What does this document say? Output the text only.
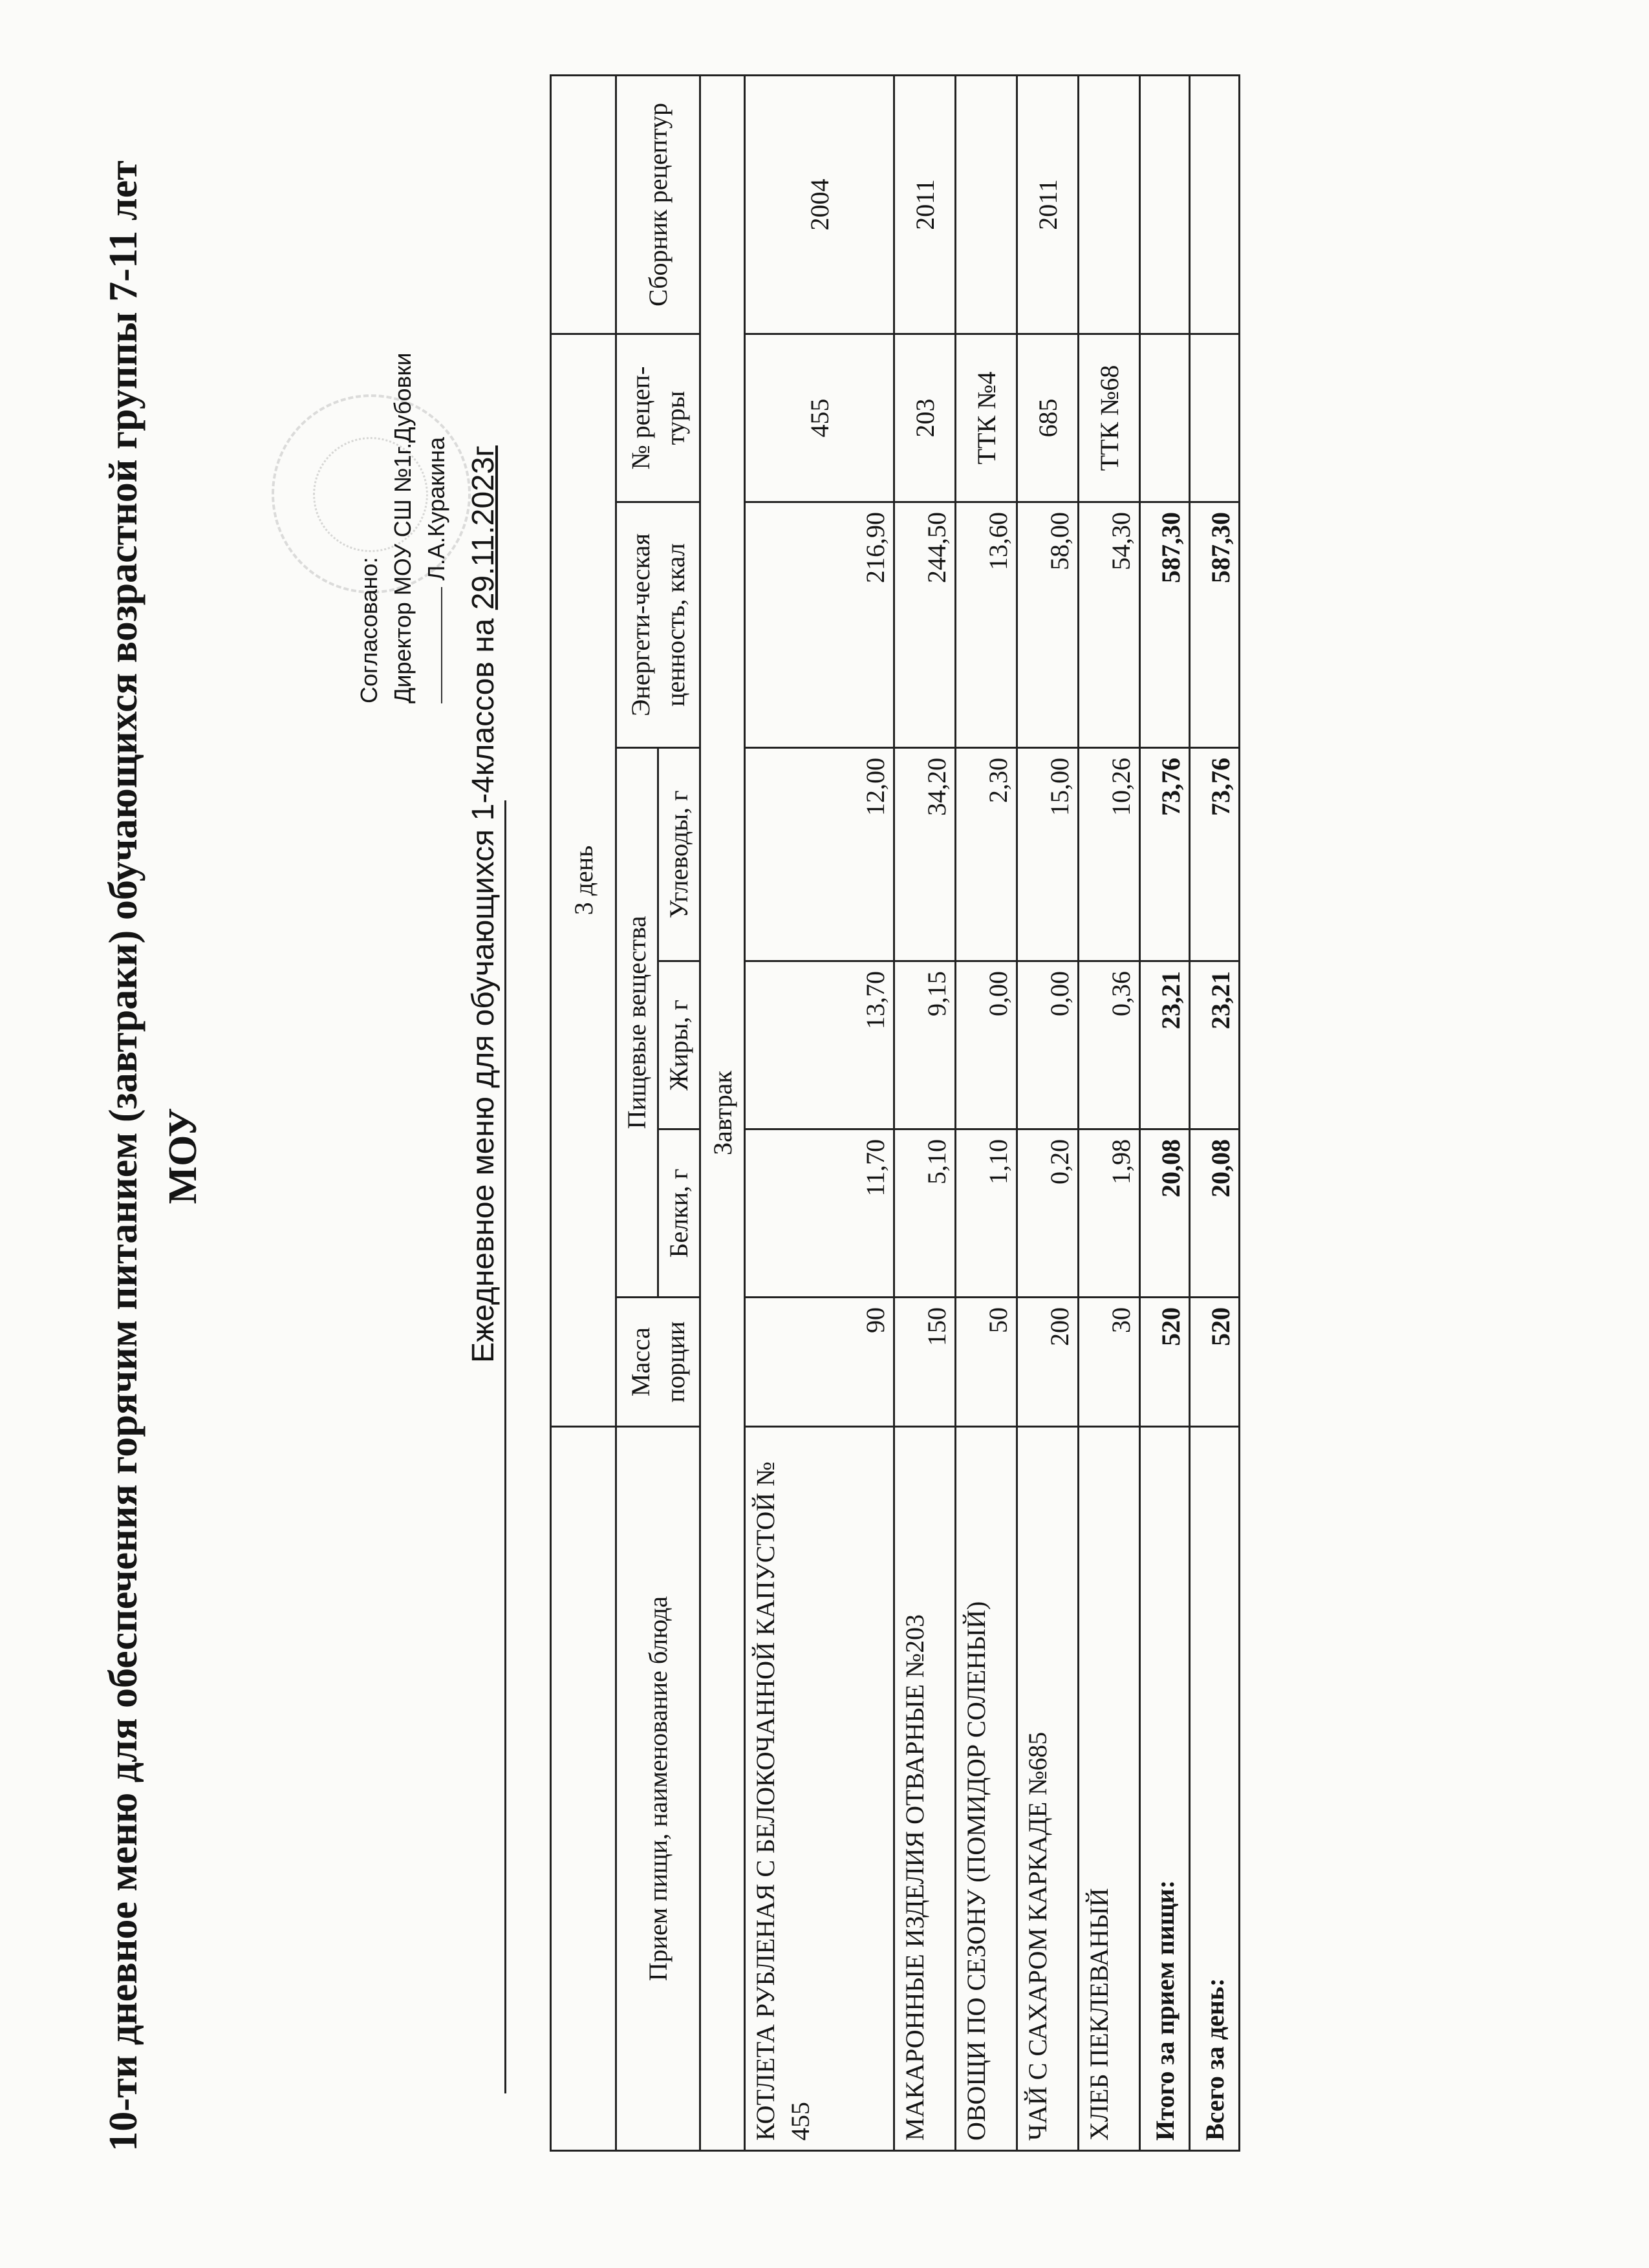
10-ти дневное меню для обеспечения горячим питанием (завтраки) обучающихся возрастной группы 7-11 лет МОУ
Согласовано: Директор МОУ СШ №1г.Дубовки Л.А.Куракина
Ежедневное меню для обучающихся 1-4классов на 29.11.2023г
	3 день						
Прием пищи, наименование блюда	Масса порции	Пищевые вещества			Энергети-ческая ценность, ккал	№ рецеп-туры	Сборник рецептур
		Белки, г	Жиры, г	Углеводы, г			
Завтрак							
КОТЛЕТА РУБЛЕНАЯ С БЕЛОКОЧАННОЙ КАПУСТОЙ № 455	90	11,70	13,70	12,00	216,90	455	2004
МАКАРОННЫЕ ИЗДЕЛИЯ ОТВАРНЫЕ №203	150	5,10	9,15	34,20	244,50	203	2011
ОВОЩИ ПО СЕЗОНУ (ПОМИДОР СОЛЕНЫЙ)	50	1,10	0,00	2,30	13,60	ТТК №4	
ЧАЙ С САХАРОМ КАРКАДЕ №685	200	0,20	0,00	15,00	58,00	685	2011
ХЛЕБ ПЕКЛЕВАНЫЙ	30	1,98	0,36	10,26	54,30	ТТК №68	
Итого за прием пищи:	520	20,08	23,21	73,76	587,30		
Всего за день:	520	20,08	23,21	73,76	587,30		
